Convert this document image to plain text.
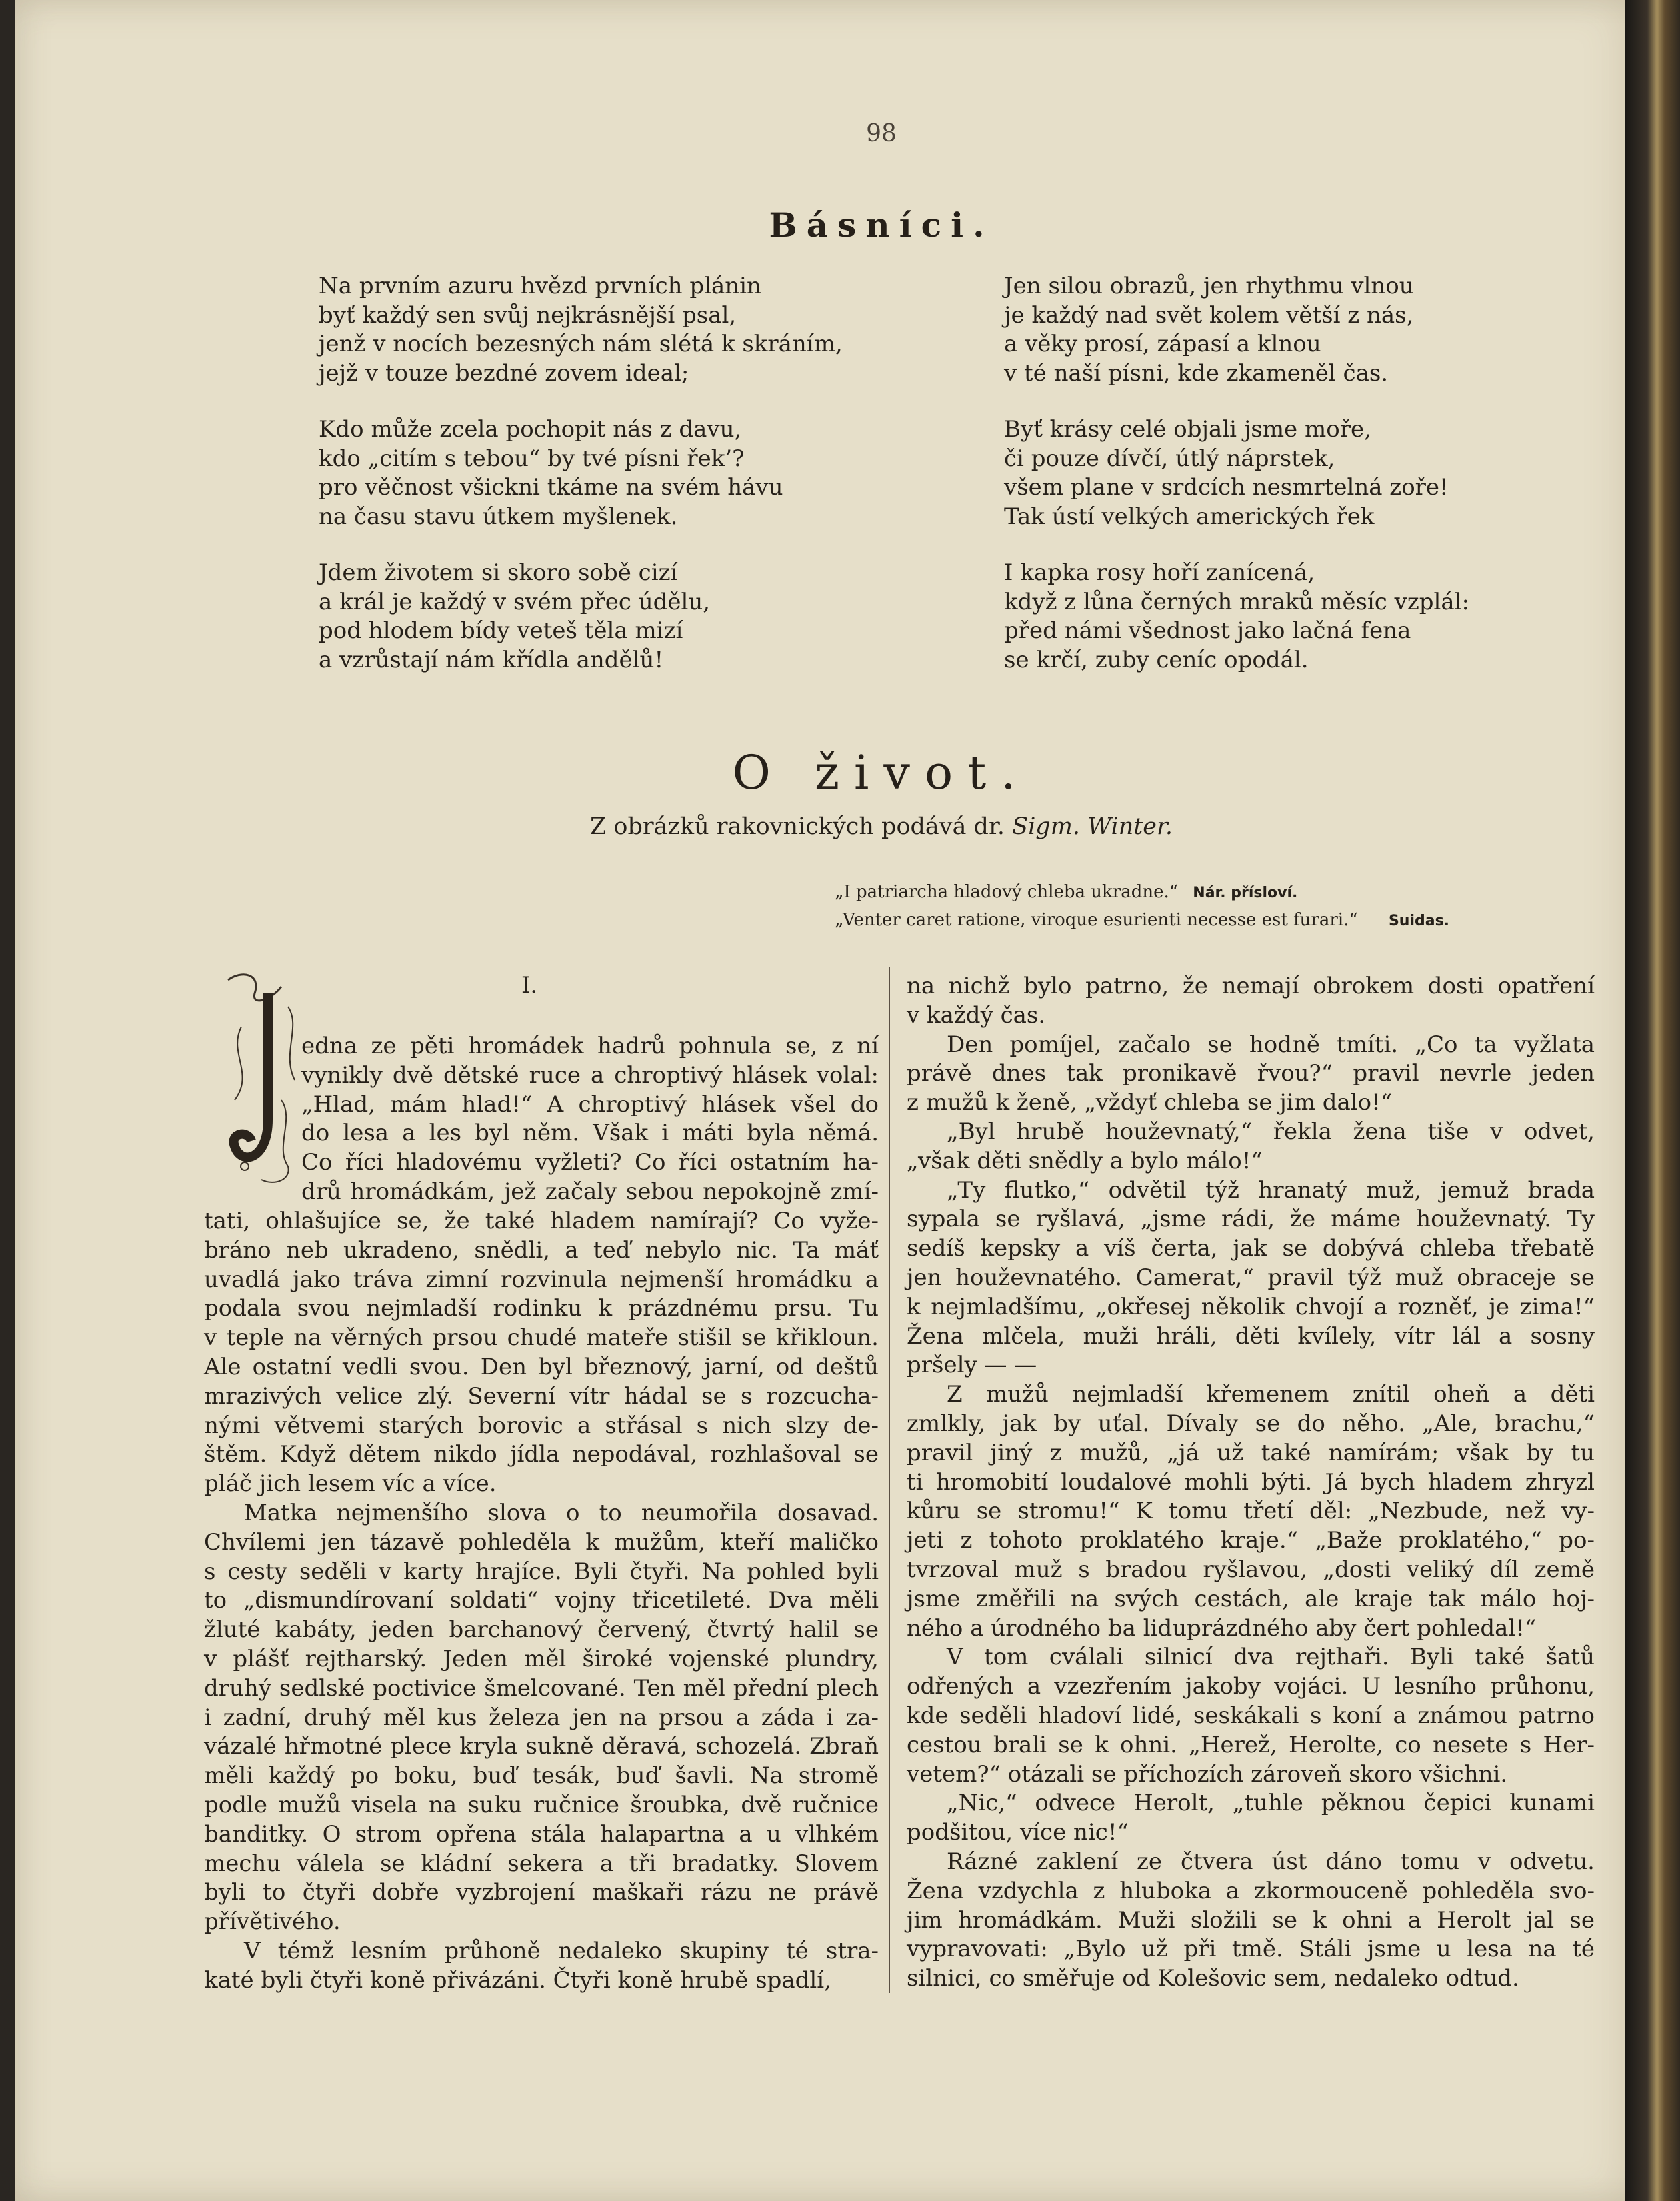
98
Básníci.
Na prvním azuru hvězd prvních plánin
byť každý sen svůj nejkrásnější psal,
jenž v nocích bezesných nám slétá k skráním,
jejž v touze bezdné zovem ideal;
Kdo může zcela pochopit nás z davu,
kdo „citím s tebou“ by tvé písni řek’?
pro věčnost všickni tkáme na svém hávu
na času stavu útkem myšlenek.
Jdem životem si skoro sobě cizí
a král je každý v svém přec údělu,
pod hlodem bídy veteš těla mizí
a vzrůstají nám křídla andělů!
Jen silou obrazů, jen rhythmu vlnou
je každý nad svět kolem větší z nás,
a věky prosí, zápasí a klnou
v té naší písni, kde zkameněl čas.
Byť krásy celé objali jsme moře,
či pouze dívčí, útlý náprstek,
všem plane v srdcích nesmrtelná zoře!
Tak ústí velkých amerických řek
I kapka rosy hoří zanícená,
když z lůna černých mraků měsíc vzplál:
před námi všednost jako lačná fena
se krčí, zuby ceníc opodál.
O život.
Z obrázků rakovnických podává dr. Sigm. Winter.
„I patriarcha hladový chleba ukradne.“ Nár. přísloví.
„Venter caret ratione, viroque esurienti necesse est furari.“ Suidas.
I.
edna ze pěti hromádek hadrů pohnula se, z ní
vynikly dvě dětské ruce a chroptivý hlásek volal:
„Hlad, mám hlad!“ A chroptivý hlásek všel do
do lesa a les byl něm. Však i máti byla němá.
Co říci hladovému vyžleti? Co říci ostatním ha-
drů hromádkám, jež začaly sebou nepokojně zmí-
tati, ohlašujíce se, že také hladem namírají? Co vyže-
bráno neb ukradeno, snědli, a teď nebylo nic. Ta máť
uvadlá jako tráva zimní rozvinula nejmenší hromádku a
podala svou nejmladší rodinku k prázdnému prsu. Tu
v teple na věrných prsou chudé mateře stišil se křikloun.
Ale ostatní vedli svou. Den byl březnový, jarní, od deštů
mrazivých velice zlý. Severní vítr hádal se s rozcucha-
nými větvemi starých borovic a střásal s nich slzy de-
štěm. Když dětem nikdo jídla nepodával, rozhlašoval se
pláč jich lesem víc a více.
Matka nejmenšího slova o to neumořila dosavad.
Chvílemi jen tázavě pohleděla k mužům, kteří maličko
s cesty seděli v karty hrajíce. Byli čtyři. Na pohled byli
to „dismundírovaní soldati“ vojny třicetileté. Dva měli
žluté kabáty, jeden barchanový červený, čtvrtý halil se
v plášť rejtharský. Jeden měl široké vojenské plundry,
druhý sedlské poctivice šmelcované. Ten měl přední plech
i zadní, druhý měl kus železa jen na prsou a záda i za-
vázalé hřmotné plece kryla sukně děravá, schozelá. Zbraň
měli každý po boku, buď tesák, buď šavli. Na stromě
podle mužů visela na suku ručnice šroubka, dvě ručnice
banditky. O strom opřena stála halapartna a u vlhkém
mechu válela se kládní sekera a tři bradatky. Slovem
byli to čtyři dobře vyzbrojení maškaři rázu ne právě
přívětivého.
V témž lesním průhoně nedaleko skupiny té stra-
katé byli čtyři koně přivázáni. Čtyři koně hrubě spadlí,
na nichž bylo patrno, že nemají obrokem dosti opatření
v každý čas.
Den pomíjel, začalo se hodně tmíti. „Co ta vyžlata
právě dnes tak pronikavě řvou?“ pravil nevrle jeden
z mužů k ženě, „vždyť chleba se jim dalo!“
„Byl hrubě houževnatý,“ řekla žena tiše v odvet,
„však děti snědly a bylo málo!“
„Ty flutko,“ odvětil týž hranatý muž, jemuž brada
sypala se ryšlavá, „jsme rádi, že máme houževnatý. Ty
sedíš kepsky a víš čerta, jak se dobývá chleba třebatě
jen houževnatého. Camerat,“ pravil týž muž obraceje se
k nejmladšímu, „okřesej několik chvojí a rozněť, je zima!“
Žena mlčela, muži hráli, děti kvílely, vítr lál a sosny
pršely — —
Z mužů nejmladší křemenem znítil oheň a děti
zmlkly, jak by uťal. Dívaly se do něho. „Ale, brachu,“
pravil jiný z mužů, „já už také namírám; však by tu
ti hromobití loudalové mohli býti. Já bych hladem zhryzl
kůru se stromu!“ K tomu třetí děl: „Nezbude, než vy-
jeti z tohoto proklatého kraje.“ „Baže proklatého,“ po-
tvrzoval muž s bradou ryšlavou, „dosti veliký díl země
jsme změřili na svých cestách, ale kraje tak málo hoj-
ného a úrodného ba liduprázdného aby čert pohledal!“
V tom cválali silnicí dva rejthaři. Byli také šatů
odřených a vzezřením jakoby vojáci. U lesního průhonu,
kde seděli hladoví lidé, seskákali s koní a známou patrno
cestou brali se k ohni. „Herež, Herolte, co nesete s Her-
vetem?“ otázali se příchozích zároveň skoro všichni.
„Nic,“ odvece Herolt, „tuhle pěknou čepici kunami
podšitou, více nic!“
Rázné zaklení ze čtvera úst dáno tomu v odvetu.
Žena vzdychla z hluboka a zkormouceně pohleděla svo-
jim hromádkám. Muži složili se k ohni a Herolt jal se
vypravovati: „Bylo už při tmě. Stáli jsme u lesa na té
silnici, co směřuje od Kolešovic sem, nedaleko odtud.
